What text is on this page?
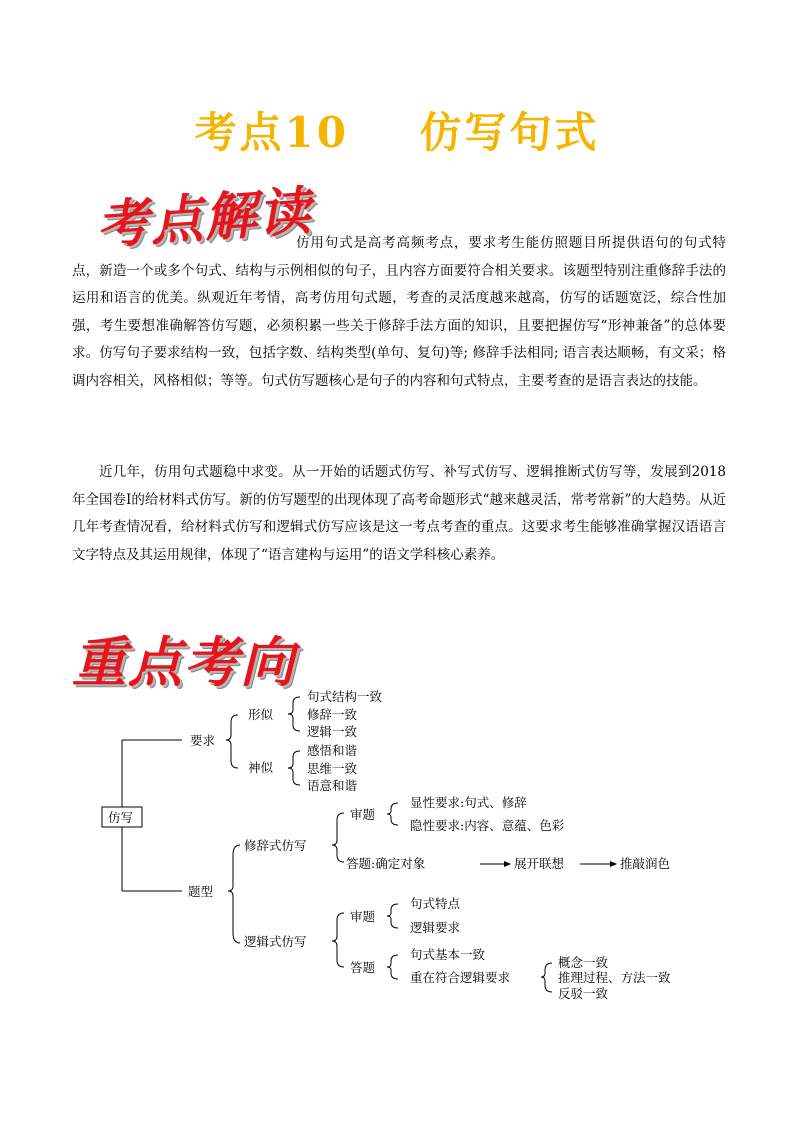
考点10    仿写句式
考点解读

仿用句式是高考高频考点，要求考生能仿照题目所提供语句的句式特点，新造一个或多个句式、结构与示例相似的句子，且内容方面要符合相关要求。该题型特别注重修辞手法的运用和语言的优美。纵观近年考情，高考仿用句式题，考查的灵活度越来越高，仿写的话题宽泛，综合性加强，考生要想准确解答仿写题，必须积累一些关于修辞手法方面的知识，且要把握仿写“形神兼备”的总体要求。仿写句子要求结构一致，包括字数、结构类型(单句、复句)等; 修辞手法相同; 语言表达顺畅，有文采；格调内容相关，风格相似；等等。句式仿写题核心是句子的内容和句式特点，主要考查的是语言表达的技能。

近几年，仿用句式题稳中求变。从一开始的话题式仿写、补写式仿写、逻辑推断式仿写等，发展到2018年全国卷Ⅰ的给材料式仿写。新的仿写题型的出现体现了高考命题形式“越来越灵活，常考常新”的大趋势。从近几年考查情况看，给材料式仿写和逻辑式仿写应该是这一考点考查的重点。这要求考生能够准确掌握汉语语言文字特点及其运用规律，体现了“语言建构与运用”的语文学科核心素养。

重点考向
仿写
要求
形似
句式结构一致
修辞一致
逻辑一致
神似
感悟和谐
思维一致
语意和谐
题型
修辞式仿写
审题
显性要求:句式、修辞
隐性要求:内容、意蕴、色彩
答题:确定对象	展开联想	推敲润色
逻辑式仿写
审题
句式特点
逻辑要求
答题
句式基本一致
重在符合逻辑要求
概念一致
推理过程、方法一致
反驳一致
